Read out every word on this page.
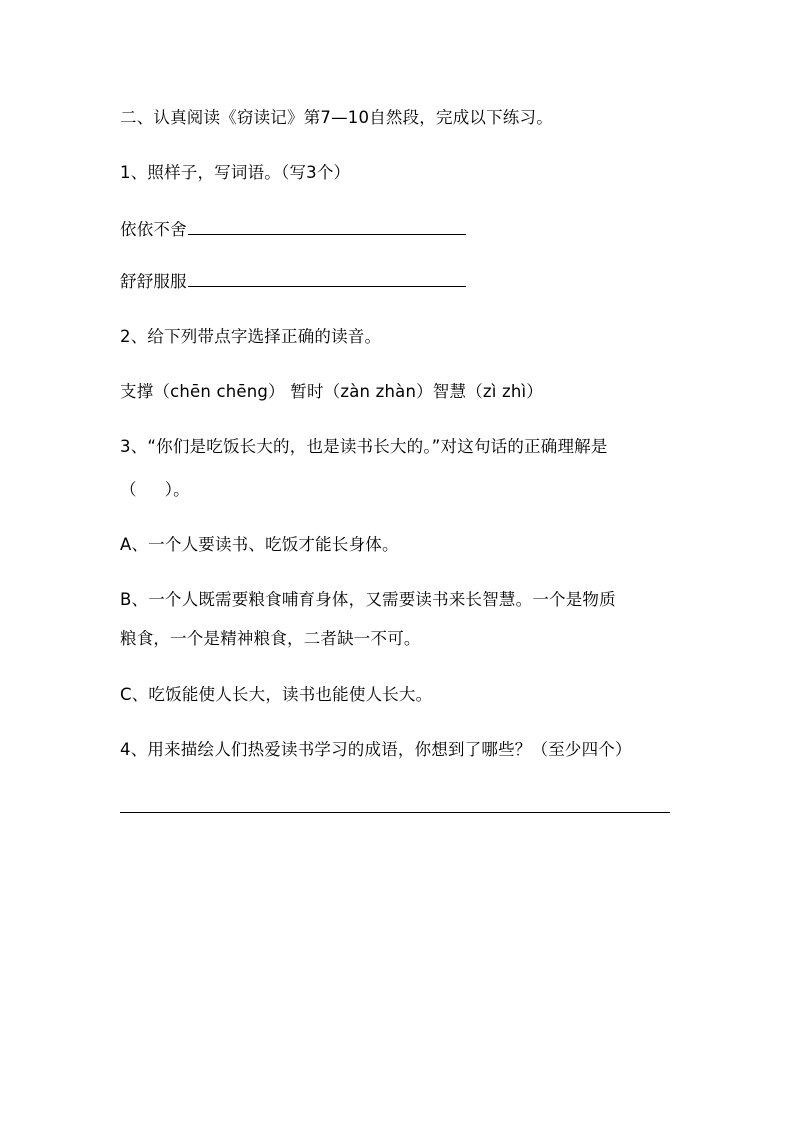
二、认真阅读《窃读记》第7—10自然段，完成以下练习。
1、照样子，写词语。（写3个）
依依不舍
舒舒服服
2、给下列带点字选择正确的读音。
支撑（chēn chēng） 暂时（zàn zhàn）智慧（zì zhì）
3、“你们是吃饭长大的，也是读书长大的。”对这句话的正确理解是
（ ）。
A、一个人要读书、吃饭才能长身体。
B、一个人既需要粮食哺育身体，又需要读书来长智慧。一个是物质
粮食，一个是精神粮食，二者缺一不可。
C、吃饭能使人长大，读书也能使人长大。
4、用来描绘人们热爱读书学习的成语，你想到了哪些？（至少四个）
